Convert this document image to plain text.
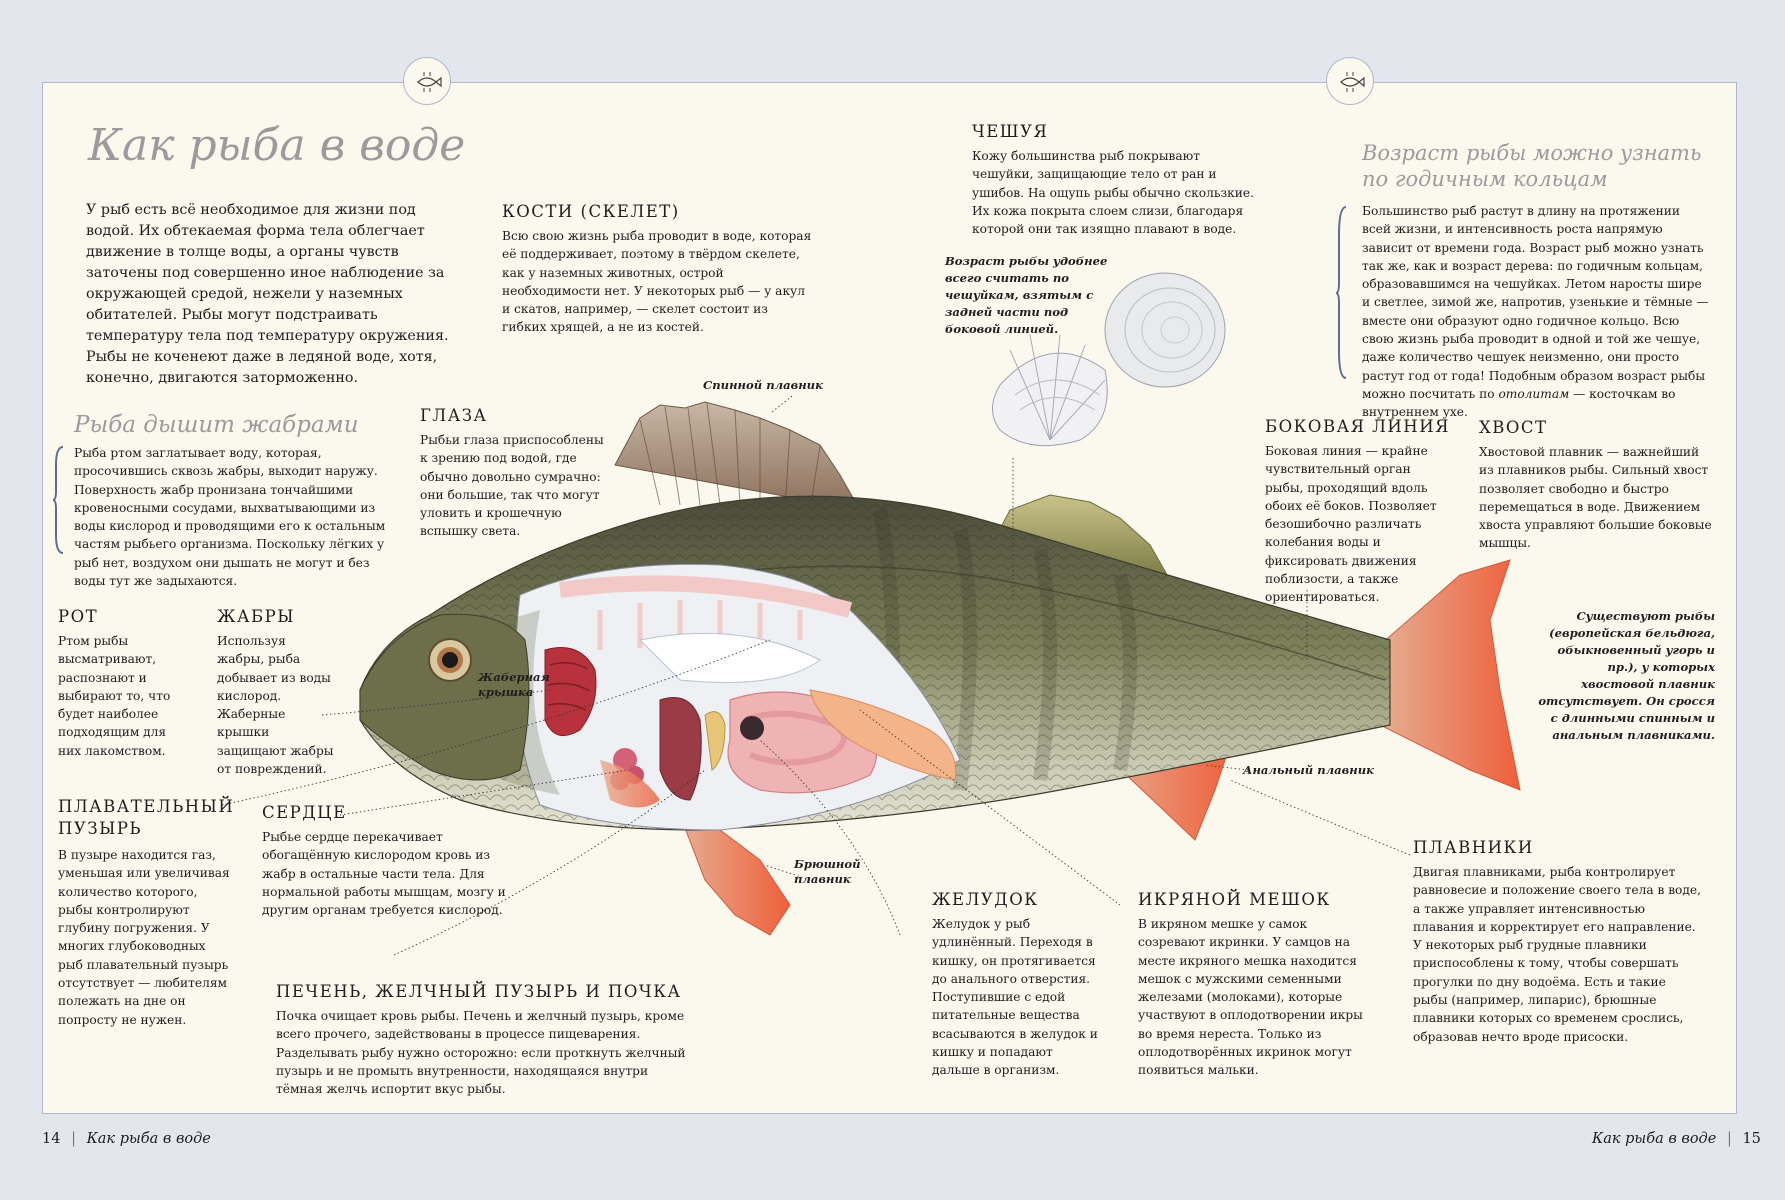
Как рыба в воде
У рыб есть всё необходимое для жизни под водой. Их обтекаемая форма тела облегчает движение в толще воды, а органы чувств заточены под совершенно иное наблюдение за окружающей средой, нежели у наземных обитателей. Рыбы могут подстраивать температуру тела под температуру окружения. Рыбы не коченеют даже в ледяной воде, хотя, конечно, двигаются заторможенно.
Рыба дышит жабрами

Рыба ртом заглатывает воду, которая, просочившись сквозь жабры, выходит наружу. Поверхность жабр пронизана тончайшими кровеносными сосудами, выхватывающими из воды кислород и проводящими его к остальным частям рыбьего организма. Поскольку лёгких у рыб нет, воздухом они дышать не могут и без воды тут же задыхаются.

КОСТИ (СКЕЛЕТ)

Всю свою жизнь рыба проводит в воде, которая её поддерживает, поэтому в твёрдом скелете, как у наземных животных, острой необходимости нет. У некоторых рыб — у акул и скатов, например, — скелет состоит из гибких хрящей, а не из костей.

ГЛАЗА

Рыбьи глаза приспособлены к зрению под водой, где обычно довольно сумрачно: они большие, так что могут уловить и крошечную вспышку света.

ЧЕШУЯ

Кожу большинства рыб покрывают чешуйки, защищающие тело от ран и ушибов. На ощупь рыбы обычно скользкие. Их кожа покрыта слоем слизи, благодаря которой они так изящно плавают в воде.

Возраст рыбы удобнее всего считать по чешуйкам, взятым с задней части под боковой линией.
Возраст рыбы можно узнать по годичным кольцам

Большинство рыб растут в длину на протяжении всей жизни, и интенсивность роста напрямую зависит от времени года. Возраст рыб можно узнать так же, как и возраст дерева: по годичным кольцам, образовавшимся на чешуйках. Летом наросты шире и светлее, зимой же, напротив, узенькие и тёмные — вместе они образуют одно годичное кольцо. Всю свою жизнь рыба проводит в одной и той же чешуе, даже количество чешуек неизменно, они просто растут год от года! Подобным образом возраст рыбы можно посчитать по отолитам — косточкам во внутреннем ухе.

БОКОВАЯ ЛИНИЯ

Боковая линия — крайне чувствительный орган рыбы, проходящий вдоль обоих её боков. Позволяет безошибочно различать колебания воды и фиксировать движения поблизости, а также ориентироваться.

ХВОСТ

Хвостовой плавник — важнейший из плавников рыбы. Сильный хвост позволяет свободно и быстро перемещаться в воде. Движением хвоста управляют большие боковые мышцы.

Существуют рыбы (европейская бельдюга, обыкновенный угорь и пр.), у которых хвостовой плавник отсутствует. Он сросся с длинными спинным и анальным плавниками.
РОТ

Ртом рыбы высматривают, распознают и выбирают то, что будет наиболее подходящим для них лакомством.

ЖАБРЫ

Используя жабры, рыба добывает из воды кислород. Жаберные крышки защищают жабры от повреждений.

ПЛАВАТЕЛЬНЫЙ ПУЗЫРЬ

В пузыре находится газ, уменьшая или увеличивая количество которого, рыбы контролируют глубину погружения. У многих глубоководных рыб плавательный пузырь отсутствует — любителям полежать на дне он попросту не нужен.

СЕРДЦЕ

Рыбье сердце перекачивает обогащённую кислородом кровь из жабр в остальные части тела. Для нормальной работы мышцам, мозгу и другим органам требуется кислород.

ПЕЧЕНЬ, ЖЕЛЧНЫЙ ПУЗЫРЬ И ПОЧКА

Почка очищает кровь рыбы. Печень и желчный пузырь, кроме всего прочего, задействованы в процессе пищеварения. Разделывать рыбу нужно осторожно: если проткнуть желчный пузырь и не промыть внутренности, находящаяся внутри тёмная желчь испортит вкус рыбы.

ЖЕЛУДОК

Желудок у рыб удлинённый. Переходя в кишку, он протягивается до анального отверстия. Поступившие с едой питательные вещества всасываются в желудок и кишку и попадают дальше в организм.

ИКРЯНОЙ МЕШОК

В икряном мешке у самок созревают икринки. У самцов на месте икряного мешка находится мешок с мужскими семенными железами (молоками), которые участвуют в оплодотворении икры во время нереста. Только из оплодотворённых икринок могут появиться мальки.

ПЛАВНИКИ

Двигая плавниками, рыба контролирует равновесие и положение своего тела в воде, а также управляет интенсивностью плавания и корректирует его направление. У некоторых рыб грудные плавники приспособлены к тому, чтобы совершать прогулки по дну водоёма. Есть и такие рыбы (например, липарис), брюшные плавники которых со временем срослись, образовав нечто вроде присоски.

Спинной плавник
Жаберная крышка
Анальный плавник
Брюшной плавник
14 | Как рыба в воде	Как рыба в воде | 15
